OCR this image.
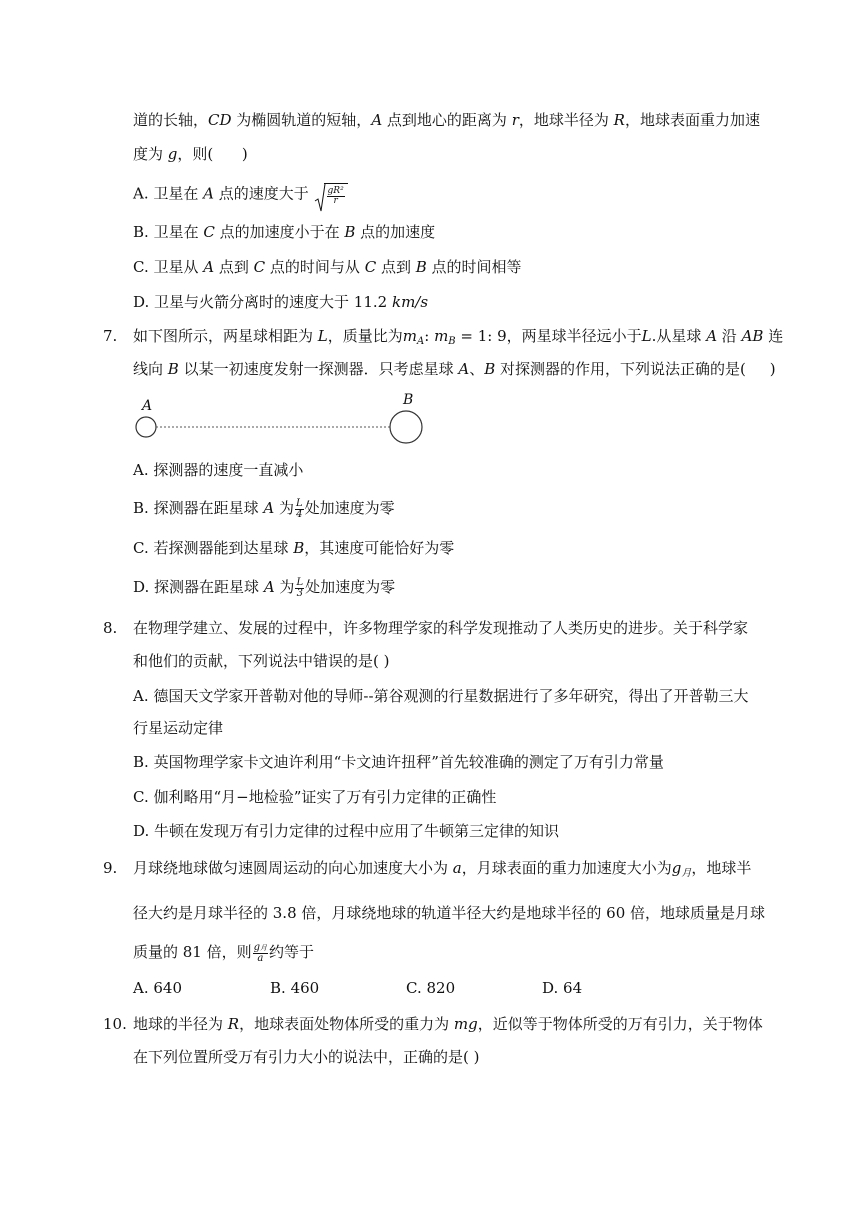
道的长轴，CD 为椭圆轨道的短轴，A 点到地心的距离为 r，地球半径为 R，地球表面重力加速
度为 g，则(      )
A. 卫星在 A 点的速度大于 $\frac{\text{gR²}}{r}$
B. 卫星在 C 点的加速度小于在 B 点的加速度
C. 卫星从 A 点到 C 点的时间与从 C 点到 B 点的时间相等
D. 卫星与火箭分离时的速度大于 11.2 km/s
7. 如下图所示，两星球相距为 L，质量比为$m_A$: $m_B = 1$: 9，两星球半径远小于L.从星球 A 沿 AB 连
线向 B 以某一初速度发射一探测器．只考虑星球 A、B 对探测器的作用，下列说法正确的是(     )
A	B
A. 探测器的速度一直减小
B. 探测器在距星球 A 为 $\frac{L}{4}$ 处加速度为零
C. 若探测器能到达星球 B，其速度可能恰好为零
D. 探测器在距星球 A 为 $\frac{L}{3}$ 处加速度为零
8. 在物理学建立、发展的过程中，许多物理学家的科学发现推动了人类历史的进步。关于科学家
和他们的贡献，下列说法中错误的是( )
A. 德国天文学家开普勒对他的导师--第谷观测的行星数据进行了多年研究，得出了开普勒三大
行星运动定律
B. 英国物理学家卡文迪许利用“卡文迪许扭秤”首先较准确的测定了万有引力常量
C. 伽利略用“月−地检验”证实了万有引力定律的正确性
D. 牛顿在发现万有引力定律的过程中应用了牛顿第三定律的知识
9. 月球绕地球做匀速圆周运动的向心加速度大小为 a，月球表面的重力加速度大小为$g_月$，地球半
径大约是月球半径的 3.8 倍，月球绕地球的轨道半径大约是地球半径的 60 倍，地球质量是月球
质量的 81 倍，则 $\frac{\text{g月}}{a}$ 约等于
A. 640	B. 460	C. 820	D. 64
10. 地球的半径为 R，地球表面处物体所受的重力为 mg，近似等于物体所受的万有引力，关于物体
在下列位置所受万有引力大小的说法中，正确的是( )
